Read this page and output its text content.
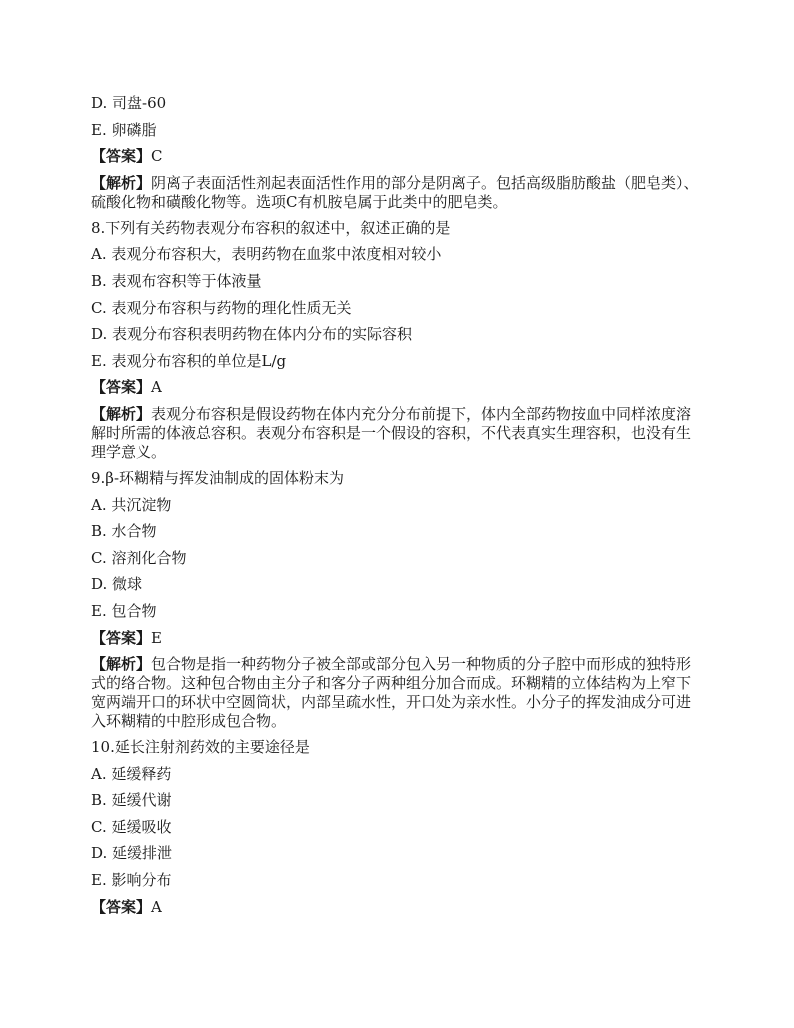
D. 司盘-60
E. 卵磷脂
【答案】C
【解析】阴离子表面活性剂起表面活性作用的部分是阴离子。包括高级脂肪酸盐（肥皂类）、硫酸化物和磺酸化物等。选项C有机胺皂属于此类中的肥皂类。
8.下列有关药物表观分布容积的叙述中，叙述正确的是
A. 表观分布容积大，表明药物在血浆中浓度相对较小
B. 表观布容积等于体液量
C. 表观分布容积与药物的理化性质无关
D. 表观分布容积表明药物在体内分布的实际容积
E. 表观分布容积的单位是L/g
【答案】A
【解析】表观分布容积是假设药物在体内充分分布前提下，体内全部药物按血中同样浓度溶解时所需的体液总容积。表观分布容积是一个假设的容积，不代表真实生理容积，也没有生理学意义。
9.β-环糊精与挥发油制成的固体粉末为
A. 共沉淀物
B. 水合物
C. 溶剂化合物
D. 微球
E. 包合物
【答案】E
【解析】包合物是指一种药物分子被全部或部分包入另一种物质的分子腔中而形成的独特形式的络合物。这种包合物由主分子和客分子两种组分加合而成。环糊精的立体结构为上窄下宽两端开口的环状中空圆筒状，内部呈疏水性，开口处为亲水性。小分子的挥发油成分可进入环糊精的中腔形成包合物。
10.延长注射剂药效的主要途径是
A. 延缓释药
B. 延缓代谢
C. 延缓吸收
D. 延缓排泄
E. 影响分布
【答案】A
